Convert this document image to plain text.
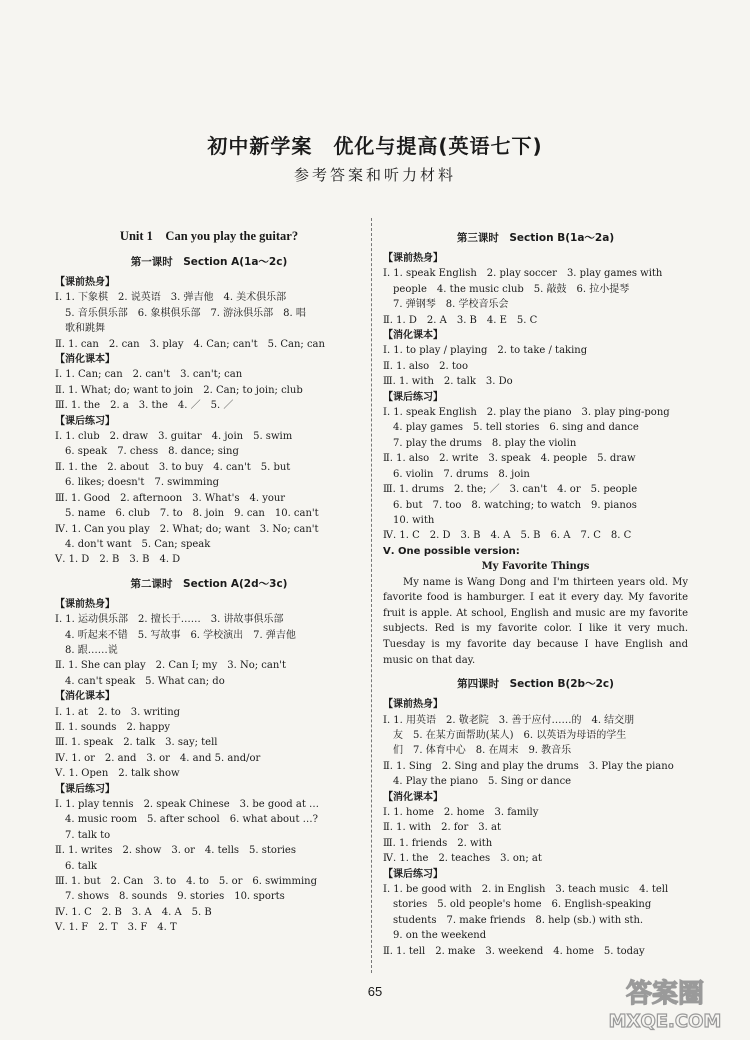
初中新学案　优化与提高(英语七下)
参考答案和听力材料
Unit 1　Can you play the guitar?
第一课时　Section A(1a～2c)
【课前热身】
Ⅰ. 1. 下象棋　2. 说英语　3. 弹吉他　4. 美术俱乐部
　5. 音乐俱乐部　6. 象棋俱乐部　7. 游泳俱乐部　8. 唱
　歌和跳舞
Ⅱ. 1. can　2. can　3. play　4. Can; can't　5. Can; can
【消化课本】
Ⅰ. 1. Can; can　2. can't　3. can't; can
Ⅱ. 1. What; do; want to join　2. Can; to join; club
Ⅲ. 1. the　2. a　3. the　4. ／　5. ／
【课后练习】
Ⅰ. 1. club　2. draw　3. guitar　4. join　5. swim
　6. speak　7. chess　8. dance; sing
Ⅱ. 1. the　2. about　3. to buy　4. can't　5. but
　6. likes; doesn't　7. swimming
Ⅲ. 1. Good　2. afternoon　3. What's　4. your
　5. name　6. club　7. to　8. join　9. can　10. can't
Ⅳ. 1. Can you play　2. What; do; want　3. No; can't
　4. don't want　5. Can; speak
Ⅴ. 1. D　2. B　3. B　4. D
第二课时　Section A(2d～3c)
【课前热身】
Ⅰ. 1. 运动俱乐部　2. 擅长于……　3. 讲故事俱乐部
　4. 听起来不错　5. 写故事　6. 学校演出　7. 弹吉他
　8. 跟……说
Ⅱ. 1. She can play　2. Can I; my　3. No; can't
　4. can't speak　5. What can; do
【消化课本】
Ⅰ. 1. at　2. to　3. writing
Ⅱ. 1. sounds　2. happy
Ⅲ. 1. speak　2. talk　3. say; tell
Ⅳ. 1. or　2. and　3. or　4. and 5. and/or
Ⅴ. 1. Open　2. talk show
【课后练习】
Ⅰ. 1. play tennis　2. speak Chinese　3. be good at …
　4. music room　5. after school　6. what about …?
　7. talk to
Ⅱ. 1. writes　2. show　3. or　4. tells　5. stories
　6. talk
Ⅲ. 1. but　2. Can　3. to　4. to　5. or　6. swimming
　7. shows　8. sounds　9. stories　10. sports
Ⅳ. 1. C　2. B　3. A　4. A　5. B
Ⅴ. 1. F　2. T　3. F　4. T
第三课时　Section B(1a～2a)
【课前热身】
Ⅰ. 1. speak English　2. play soccer　3. play games with
　people　4. the music club　5. 敲鼓　6. 拉小提琴
　7. 弹钢琴　8. 学校音乐会
Ⅱ. 1. D　2. A　3. B　4. E　5. C
【消化课本】
Ⅰ. 1. to play / playing　2. to take / taking
Ⅱ. 1. also　2. too
Ⅲ. 1. with　2. talk　3. Do
【课后练习】
Ⅰ. 1. speak English　2. play the piano　3. play ping-pong
　4. play games　5. tell stories　6. sing and dance
　7. play the drums　8. play the violin
Ⅱ. 1. also　2. write　3. speak　4. people　5. draw
　6. violin　7. drums　8. join
Ⅲ. 1. drums　2. the; ／　3. can't　4. or　5. people
　6. but　7. too　8. watching; to watch　9. pianos
　10. with
Ⅳ. 1. C　2. D　3. B　4. A　5. B　6. A　7. C　8. C
Ⅴ. One possible version:
My Favorite Things
My name is Wang Dong and I'm thirteen years old. My favorite food is hamburger. I eat it every day. My favorite fruit is apple. At school, English and music are my favorite subjects. Red is my favorite color. I like it very much. Tuesday is my favorite day because I have English and music on that day.
第四课时　Section B(2b～2c)
【课前热身】
Ⅰ. 1. 用英语　2. 敬老院　3. 善于应付……的　4. 结交朋
　友　5. 在某方面帮助(某人)　6. 以英语为母语的学生
　们　7. 体育中心　8. 在周末　9. 教音乐
Ⅱ. 1. Sing　2. Sing and play the drums　3. Play the piano
　4. Play the piano　5. Sing or dance
【消化课本】
Ⅰ. 1. home　2. home　3. family
Ⅱ. 1. with　2. for　3. at
Ⅲ. 1. friends　2. with
Ⅳ. 1. the　2. teaches　3. on; at
【课后练习】
Ⅰ. 1. be good with　2. in English　3. teach music　4. tell
　stories　5. old people's home　6. English-speaking
　students　7. make friends　8. help (sb.) with sth.
　9. on the weekend
Ⅱ. 1. tell　2. make　3. weekend　4. home　5. today
65	答案圈
MXQE.COM
